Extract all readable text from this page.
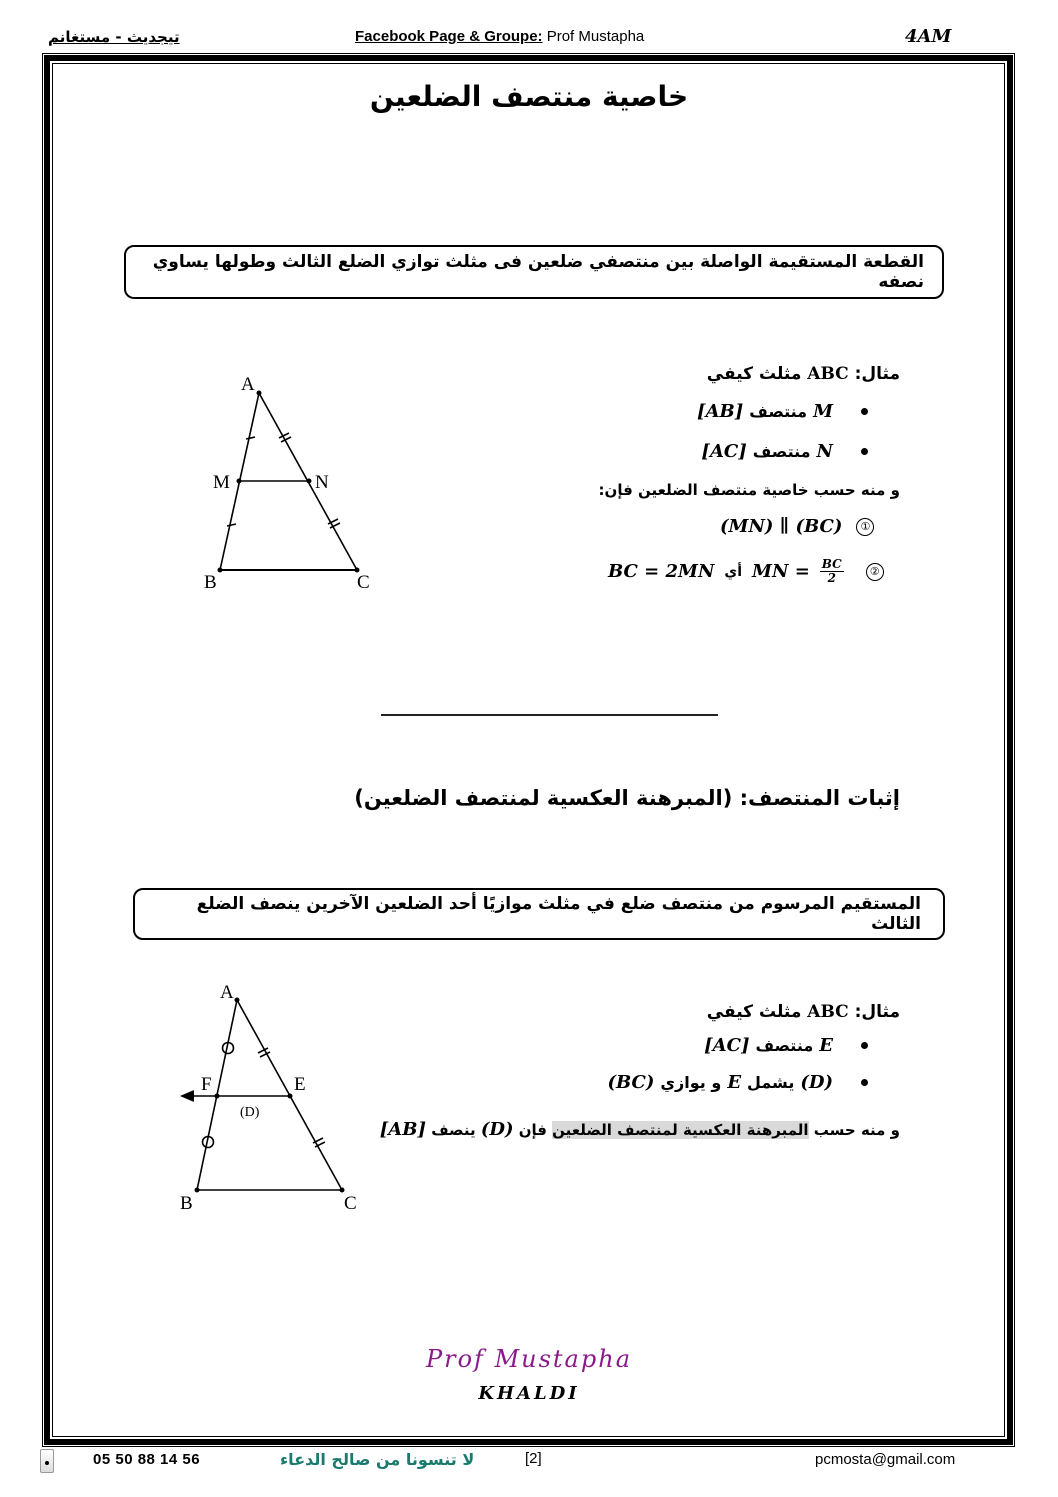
تيجديث - مستغانم	Facebook Page & Groupe: Prof Mustapha	4AM
خاصية منتصف الضلعين
القطعة المستقيمة الواصلة بين منتصفي ضلعين فى مثلث توازي الضلع الثالث وطولها يساوي نصفه
A
M	N
B	C
مثال: ABC مثلث كيفي
M
منتصف
[AB]
N
منتصف
[AC]
و منه حسب خاصية منتصف الضلعين فإن:
(MN) ∥ (BC)	①
BC = 2MN أي MN = $\frac{BC}{2}$	②
إثبات المنتصف: (المبرهنة العكسية لمنتصف الضلعين)
المستقيم المرسوم من منتصف ضلع في مثلث موازيًا أحد الضلعين الآخرين ينصف الضلع الثالث
A
F	E
(D)
B	C
مثال: ABC مثلث كيفي
E
منتصف
[AC]
(D)
يشمل
E
و يوازي
(BC)
و منه حسب
المبرهنة العكسية لمنتصف الضلعين
فإن
(D)
ينصف
[AB]
Prof Mustapha
KHALDI
05 50 88 14 56	لا تنسونا من صالح الدعاء	[2]	pcmosta@gmail.com
